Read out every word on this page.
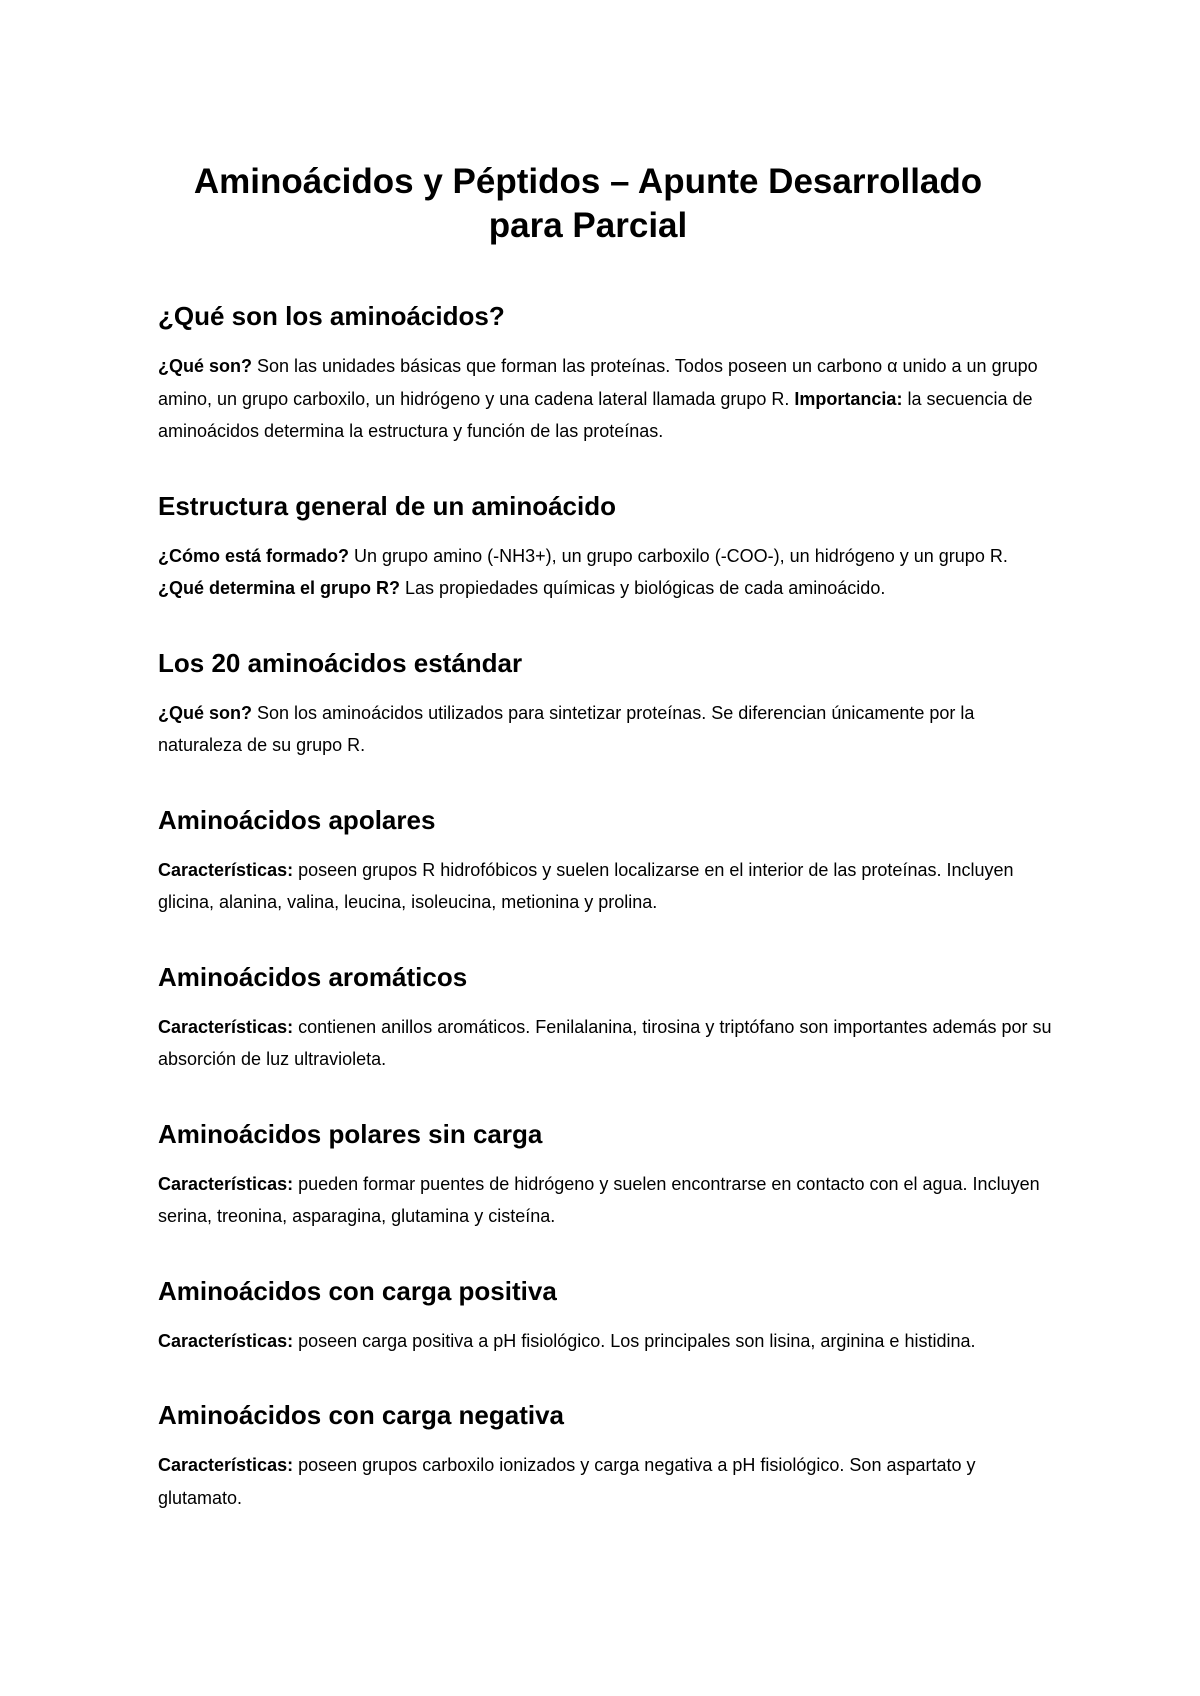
Aminoácidos y Péptidos – Apunte Desarrollado para Parcial
¿Qué son los aminoácidos?

¿Qué son? Son las unidades básicas que forman las proteínas. Todos poseen un carbono α unido a un grupo amino, un grupo carboxilo, un hidrógeno y una cadena lateral llamada grupo R. Importancia: la secuencia de aminoácidos determina la estructura y función de las proteínas.

Estructura general de un aminoácido

¿Cómo está formado? Un grupo amino (-NH3+), un grupo carboxilo (-COO-), un hidrógeno y un grupo R. ¿Qué determina el grupo R? Las propiedades químicas y biológicas de cada aminoácido.

Los 20 aminoácidos estándar

¿Qué son? Son los aminoácidos utilizados para sintetizar proteínas. Se diferencian únicamente por la naturaleza de su grupo R.

Aminoácidos apolares

Características: poseen grupos R hidrofóbicos y suelen localizarse en el interior de las proteínas. Incluyen glicina, alanina, valina, leucina, isoleucina, metionina y prolina.

Aminoácidos aromáticos

Características: contienen anillos aromáticos. Fenilalanina, tirosina y triptófano son importantes además por su absorción de luz ultravioleta.

Aminoácidos polares sin carga

Características: pueden formar puentes de hidrógeno y suelen encontrarse en contacto con el agua. Incluyen serina, treonina, asparagina, glutamina y cisteína.

Aminoácidos con carga positiva

Características: poseen carga positiva a pH fisiológico. Los principales son lisina, arginina e histidina.

Aminoácidos con carga negativa

Características: poseen grupos carboxilo ionizados y carga negativa a pH fisiológico. Son aspartato y glutamato.
